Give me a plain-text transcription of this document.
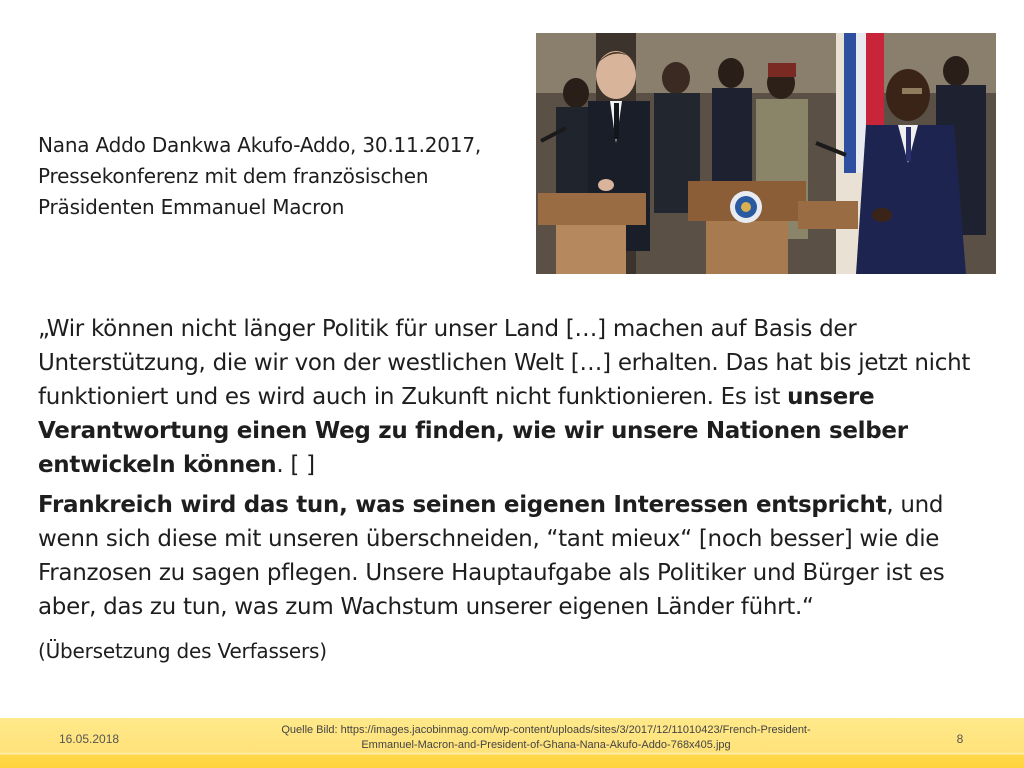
Nana Addo Dankwa Akufo-Addo, 30.11.2017,
Pressekonferenz mit dem französischen
Präsidenten Emmanuel Macron

„Wir können nicht länger Politik für unser Land […] machen auf Basis der Unterstützung, die wir von der westlichen Welt […] erhalten. Das hat bis jetzt nicht funktioniert und es wird auch in Zukunft nicht funktionieren. Es ist unsere Verantwortung einen Weg zu finden, wie wir unsere Nationen selber entwickeln können. [ ]

Frankreich wird das tun, was seinen eigenen Interessen entspricht, und wenn sich diese mit unseren überschneiden, “tant mieux“ [noch besser] wie die Franzosen zu sagen pflegen. Unsere Hauptaufgabe als Politiker und Bürger ist es aber, das zu tun, was zum Wachstum unserer eigenen Länder führt.“

(Übersetzung des Verfassers)
16.05.2018
Quelle Bild: https://images.jacobinmag.com/wp-content/uploads/sites/3/2017/12/11010423/French-President-
Emmanuel-Macron-and-President-of-Ghana-Nana-Akufo-Addo-768x405.jpg	8
